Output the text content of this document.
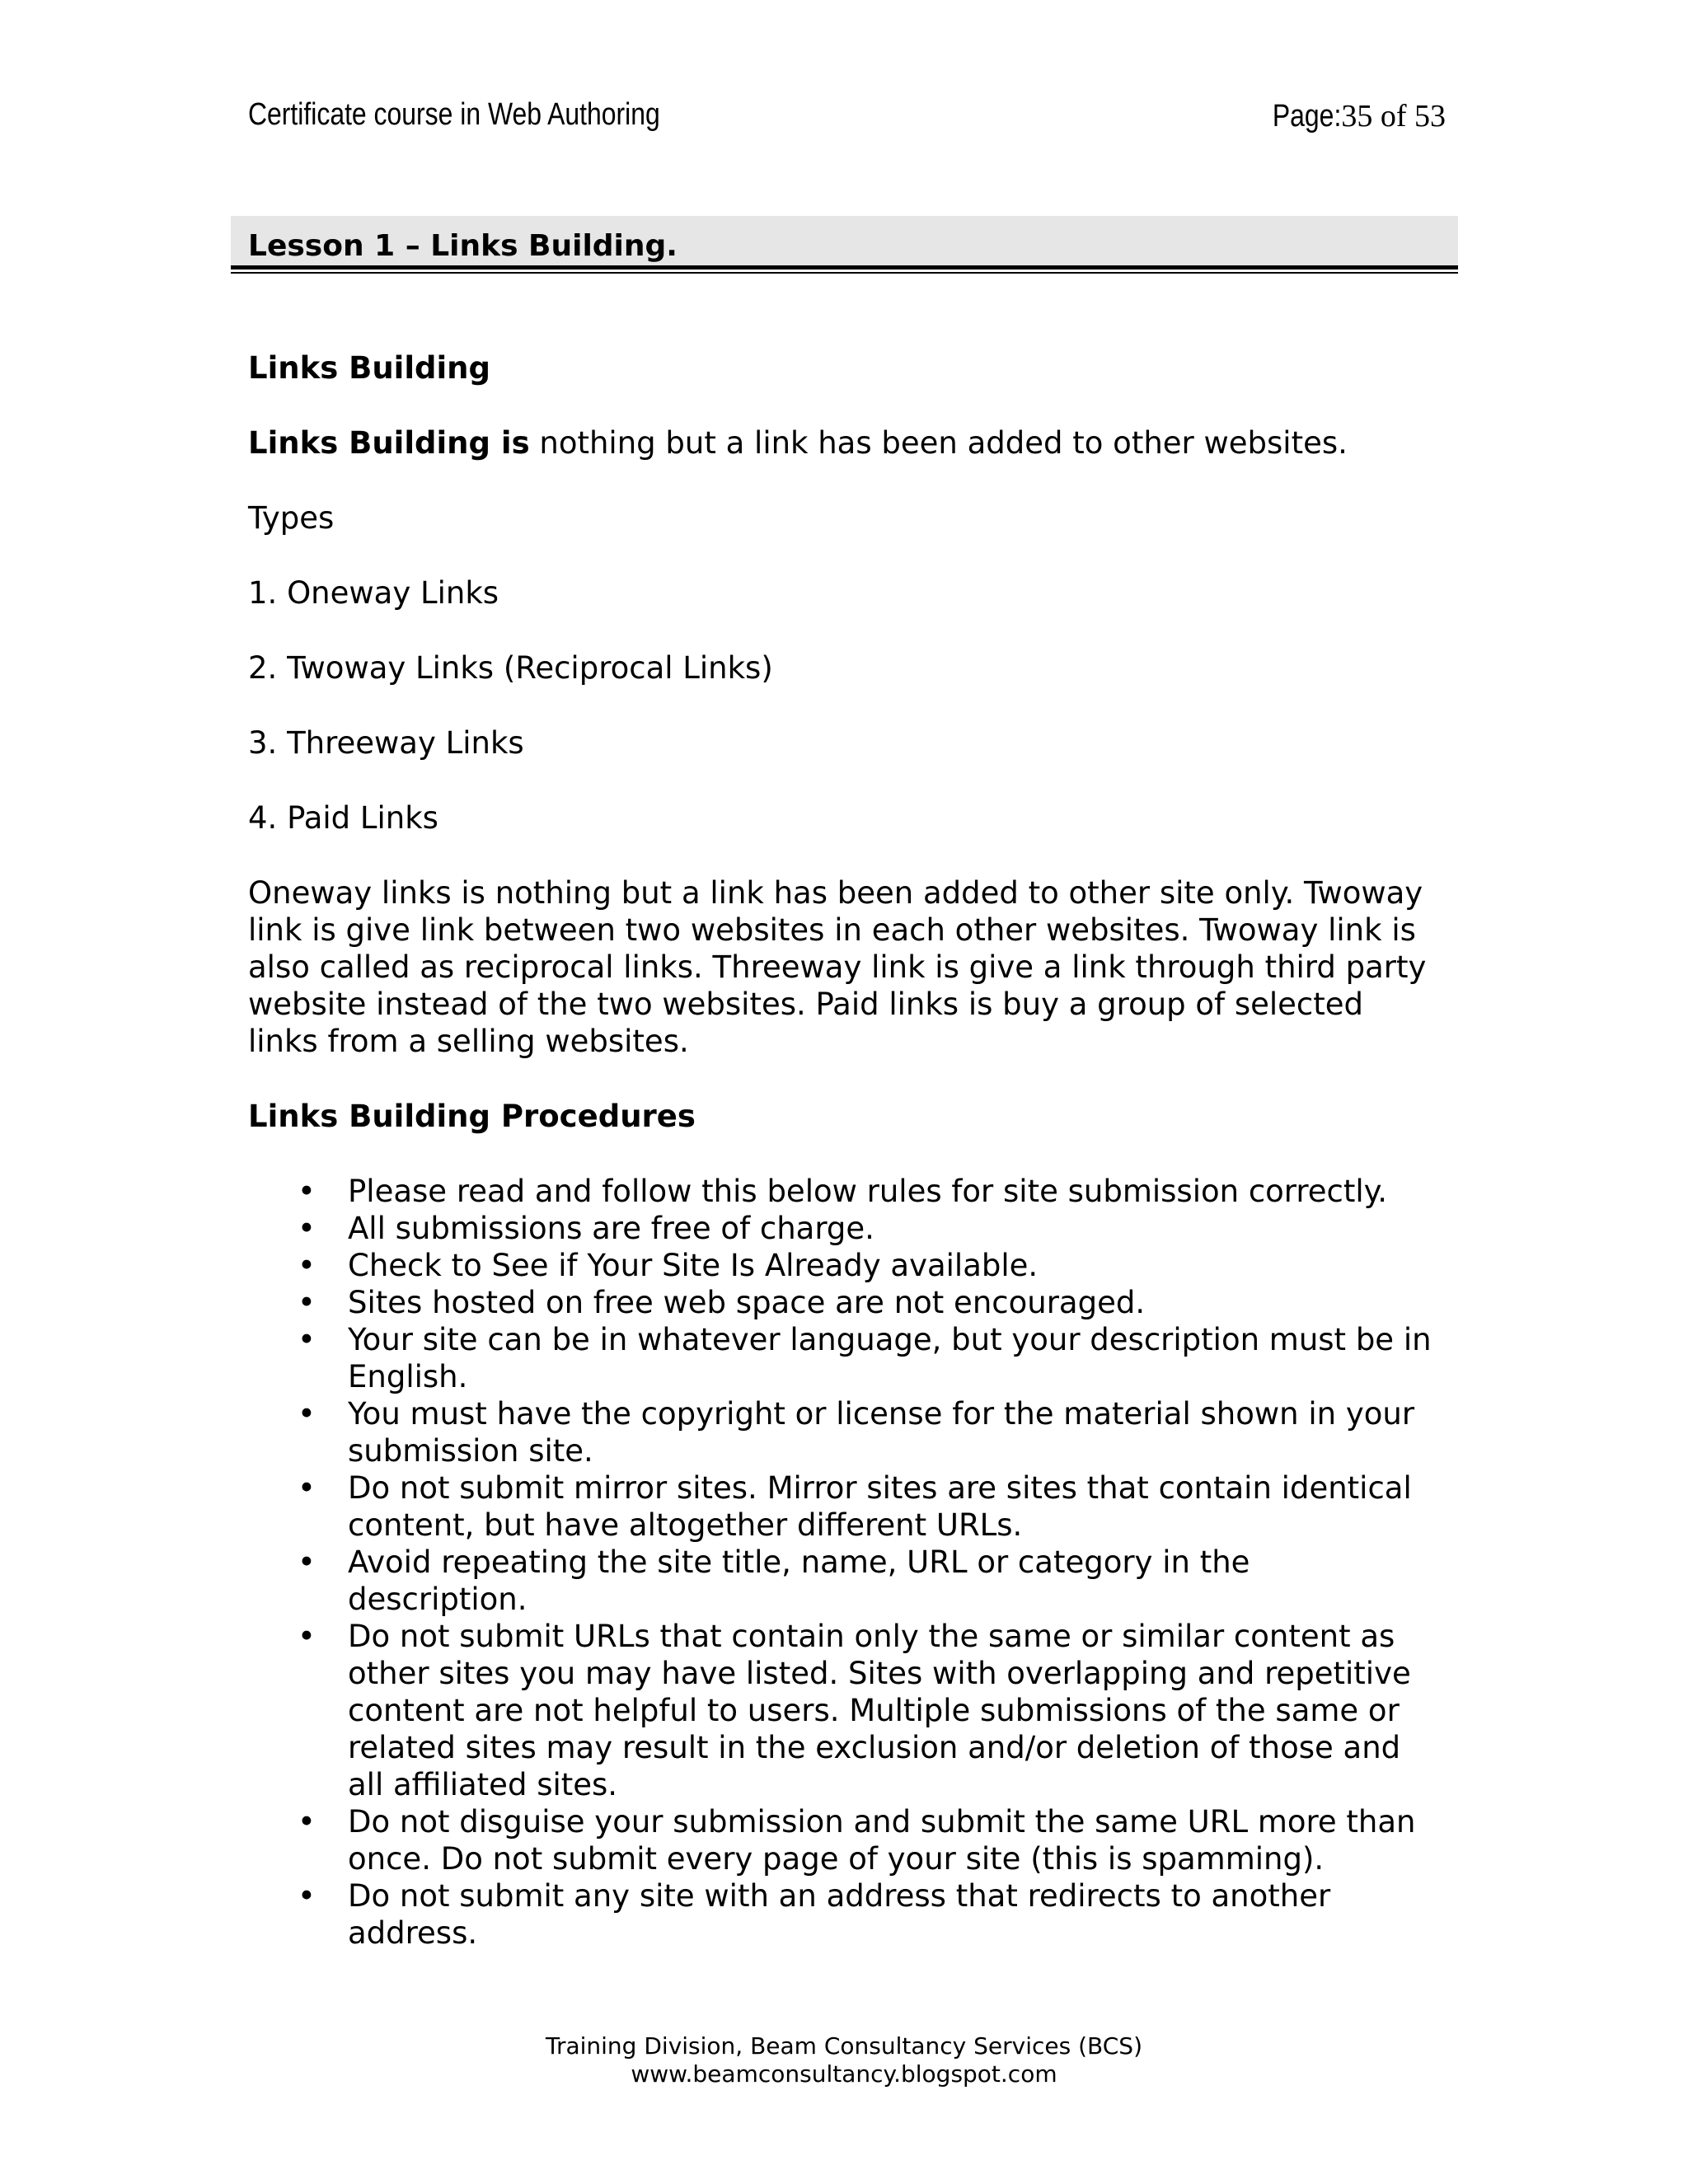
Certificate course in Web Authoring	Page:35 of 53
Lesson 1 – Links Building.

Links Building

Links Building is nothing but a link has been added to other websites.

Types

1. Oneway Links

2. Twoway Links (Reciprocal Links)

3. Threeway Links

4. Paid Links

Oneway links is nothing but a link has been added to other site only. Twoway
link is give link between two websites in each other websites. Twoway link is
also called as reciprocal links. Threeway link is give a link through third party
website instead of the two websites. Paid links is buy a group of selected
links from a selling websites.

Links Building Procedures

• Please read and follow this below rules for site submission correctly.
• All submissions are free of charge.
• Check to See if Your Site Is Already available.
• Sites hosted on free web space are not encouraged.
• Your site can be in whatever language, but your description must be in
English.
• You must have the copyright or license for the material shown in your
submission site.
• Do not submit mirror sites. Mirror sites are sites that contain identical
content, but have altogether different URLs.
• Avoid repeating the site title, name, URL or category in the
description.
• Do not submit URLs that contain only the same or similar content as
other sites you may have listed. Sites with overlapping and repetitive
content are not helpful to users. Multiple submissions of the same or
related sites may result in the exclusion and/or deletion of those and
all affiliated sites.
• Do not disguise your submission and submit the same URL more than
once. Do not submit every page of your site (this is spamming).
• Do not submit any site with an address that redirects to another
address.
Training Division, Beam Consultancy Services (BCS)
www.beamconsultancy.blogspot.com
